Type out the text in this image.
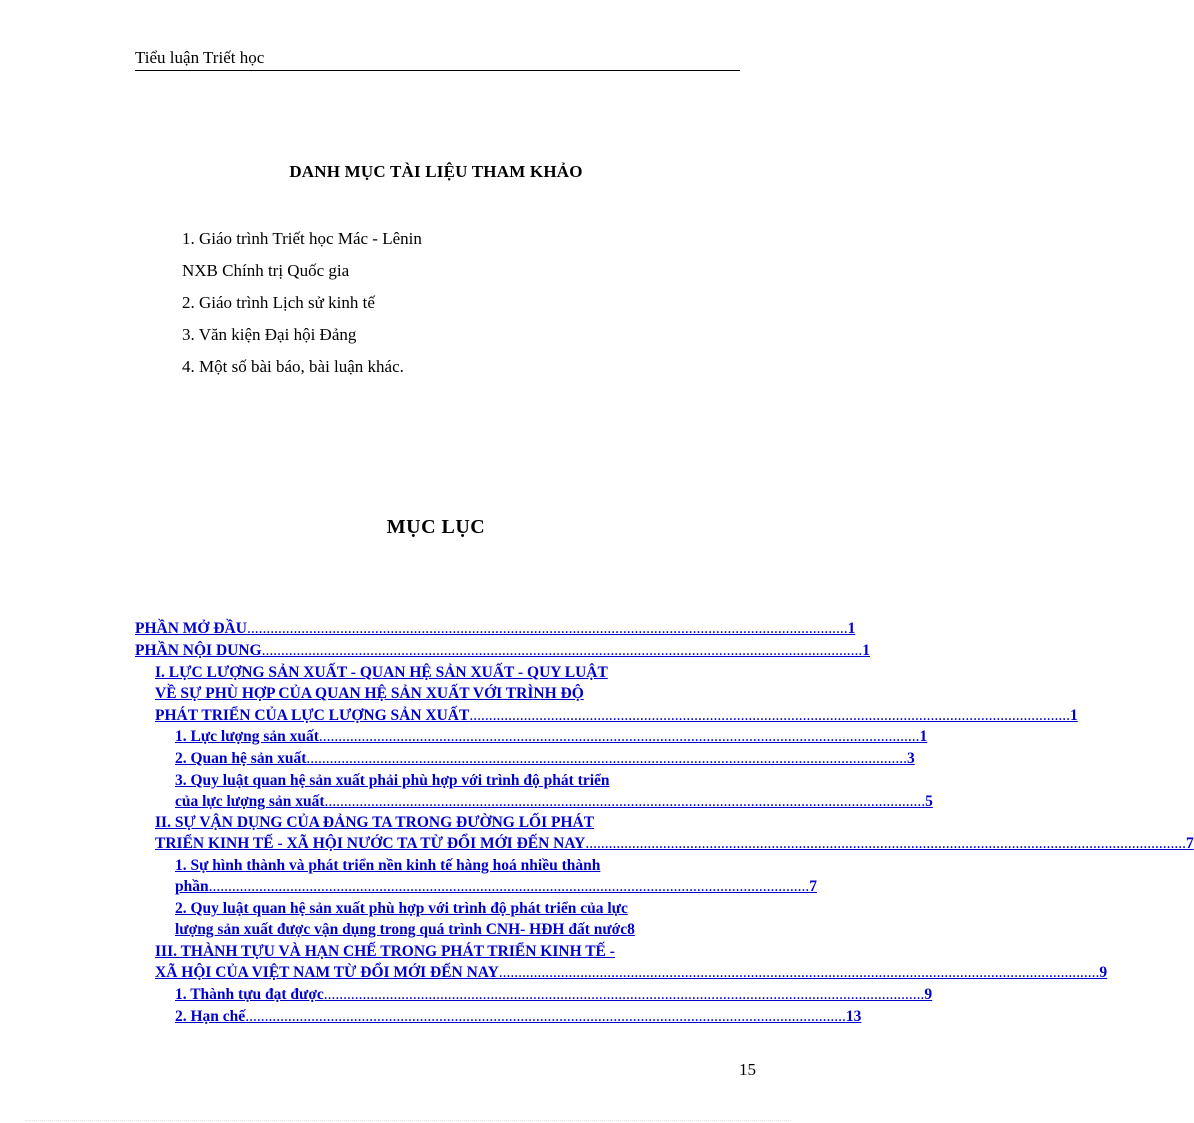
Tiểu luận Triết học
DANH MỤC TÀI LIỆU THAM KHẢO
1. Giáo trình Triết học Mác - Lênin
NXB Chính trị Quốc gia
2. Giáo trình Lịch sử kinh tế
3. Văn kiện Đại hội Đảng
4. Một số bài báo, bài luận khác.
MỤC LỤC
PHẦN MỞ ĐẦU ........................................................................................................................................................... 1
PHẦN NỘI DUNG ........................................................................................................................................................... 1
I. LỰC LƯỢNG SẢN XUẤT - QUAN HỆ SẢN XUẤT - QUY LUẬT
VỀ SỰ PHÙ HỢP CỦA QUAN HỆ SẢN XUẤT VỚI TRÌNH ĐỘ
PHÁT TRIỂN CỦA LỰC LƯỢNG SẢN XUẤT ........................................................................................................................................................... 1
1. Lực lượng sản xuất ........................................................................................................................................................... 1
2. Quan hệ sản xuất ........................................................................................................................................................... 3
3. Quy luật quan hệ sản xuất phải phù hợp với trình độ phát triển
của lực lượng sản xuất ........................................................................................................................................................... 5
II. SỰ VẬN DỤNG CỦA ĐẢNG TA TRONG ĐƯỜNG LỐI PHÁT
TRIỂN KINH TẾ - XÃ HỘI NƯỚC TA TỪ ĐỔI MỚI ĐẾN NAY ........................................................................................................................................................... 7
1. Sự hình thành và phát triển nền kinh tế hàng hoá nhiều thành
phần ........................................................................................................................................................... 7
2. Quy luật quan hệ sản xuất phù hợp với trình độ phát triển của lực
lượng sản xuất được vận dụng trong quá trình CNH- HĐH đất nước 8
III. THÀNH TỰU VÀ HẠN CHẾ TRONG PHÁT TRIỂN KINH TẾ -
XÃ HỘI CỦA VIỆT NAM TỪ ĐỔI MỚI ĐẾN NAY ........................................................................................................................................................... 9
1. Thành tựu đạt được ........................................................................................................................................................... 9
2. Hạn chế ........................................................................................................................................................... 13
15
